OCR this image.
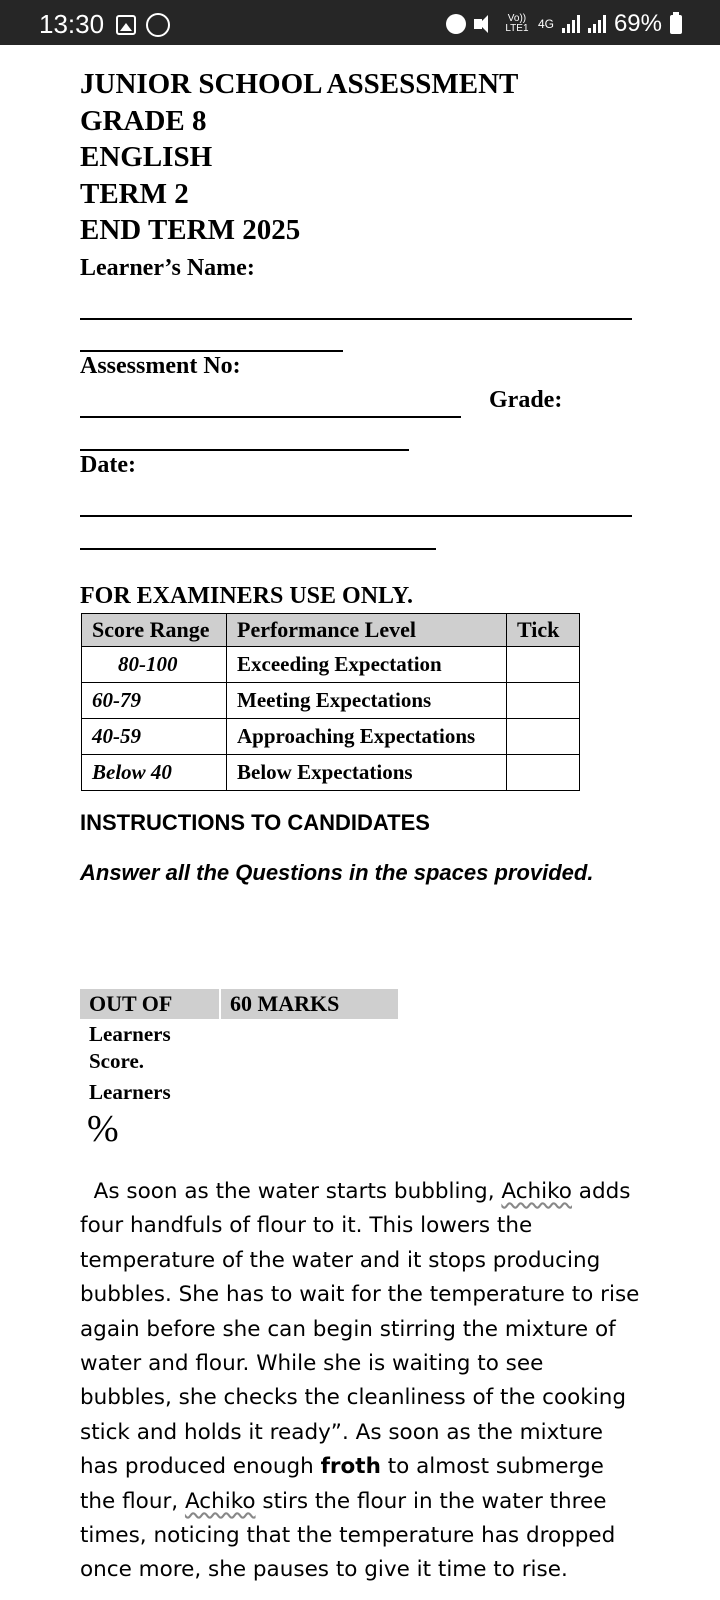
13:30	Vo))
LTE1 4G 69%
JUNIOR SCHOOL ASSESSMENT
GRADE 8
ENGLISH
TERM 2
END TERM 2025
Learner’s Name:
Assessment No:
Grade:
Date:
FOR EXAMINERS USE ONLY.
Score Range	Performance Level	Tick
80-100	Exceeding Expectation	
60-79	Meeting Expectations	
40-59	Approaching Expectations	
Below 40	Below Expectations	
INSTRUCTIONS TO CANDIDATES
Answer all the Questions in the spaces provided.
OUT OF	60 MARKS
Learners
Score.
Learners
%

As soon as the water starts bubbling, Achiko adds four handfuls of flour to it. This lowers the temperature of the water and it stops producing bubbles. She has to wait for the temperature to rise again before she can begin stirring the mixture of water and flour. While she is waiting to see bubbles, she checks the cleanliness of the cooking stick and holds it ready”. As soon as the mixture has produced enough froth to almost submerge the flour, Achiko stirs the flour in the water three times, noticing that the temperature has dropped once more, she pauses to give it time to rise.
